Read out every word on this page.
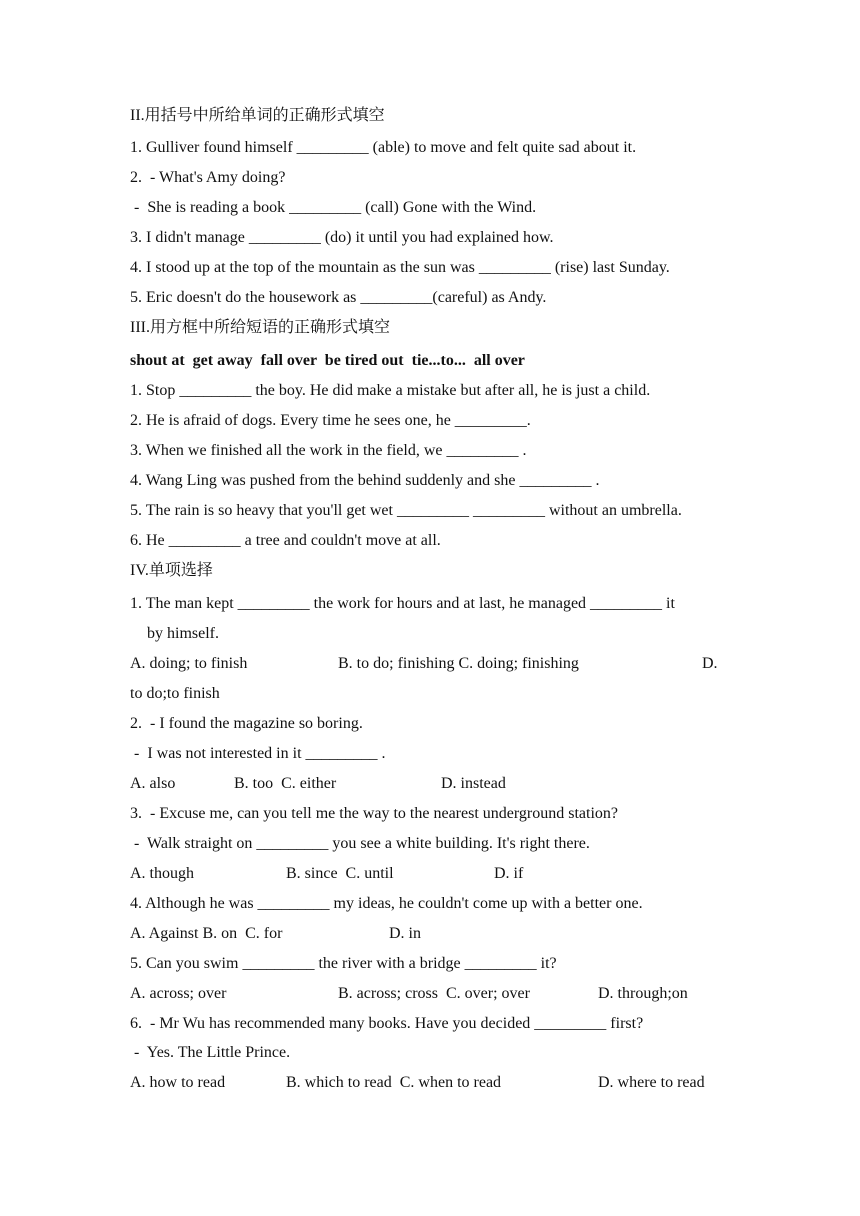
II.用括号中所给单词的正确形式填空
1. Gulliver found himself _________ (able) to move and felt quite sad about it.
2.  - What's Amy doing?
-  She is reading a book _________ (call) Gone with the Wind.
3. I didn't manage _________ (do) it until you had explained how.
4. I stood up at the top of the mountain as the sun was _________ (rise) last Sunday.
5. Eric doesn't do the housework as _________(careful) as Andy.
III.用方框中所给短语的正确形式填空
shout at  get away  fall over  be tired out  tie...to...  all over
1. Stop _________ the boy. He did make a mistake but after all, he is just a child.
2. He is afraid of dogs. Every time he sees one, he _________.
3. When we finished all the work in the field, we _________ .
4. Wang Ling was pushed from the behind suddenly and she _________ .
5. The rain is so heavy that you'll get wet _________ _________ without an umbrella.
6. He _________ a tree and couldn't move at all.
IV.单项选择
1. The man kept _________ the work for hours and at last, he managed _________ it
by himself.
A. doing; to finish	B. to do; finishing C. doing; finishing	D.
to do;to finish
2.  - I found the magazine so boring.
-  I was not interested in it _________ .
A. also	B. too  C. either	D. instead
3.  - Excuse me, can you tell me the way to the nearest underground station?
-  Walk straight on _________ you see a white building. It's right there.
A. though	B. since  C. until	D. if
4. Although he was _________ my ideas, he couldn't come up with a better one.
A. Against B. on  C. for	D. in
5. Can you swim _________ the river with a bridge _________ it?
A. across; over	B. across; cross  C. over; over	D. through;on
6.  - Mr Wu has recommended many books. Have you decided _________ first?
-  Yes. The Little Prince.
A. how to read	B. which to read  C. when to read	D. where to read
